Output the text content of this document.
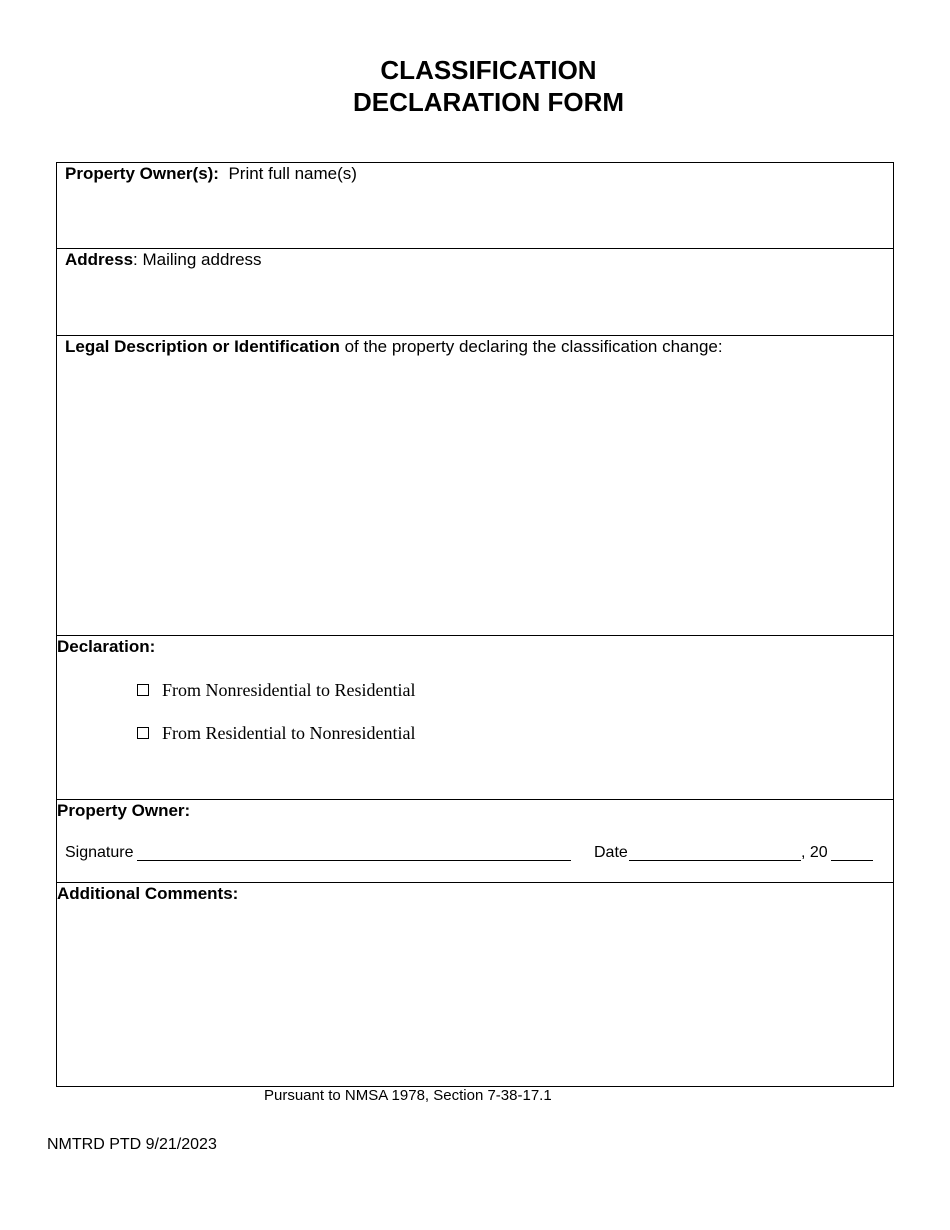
CLASSIFICATION
DECLARATION FORM
Property Owner(s): Print full name(s)
Address: Mailing address
Legal Description or Identification of the property declaring the classification change:
Declaration:
From Nonresidential to Residential
From Residential to Nonresidential
Property Owner:
Signature	Date	, 20
Additional Comments:
Pursuant to NMSA 1978, Section 7-38-17.1
NMTRD PTD 9/21/2023
